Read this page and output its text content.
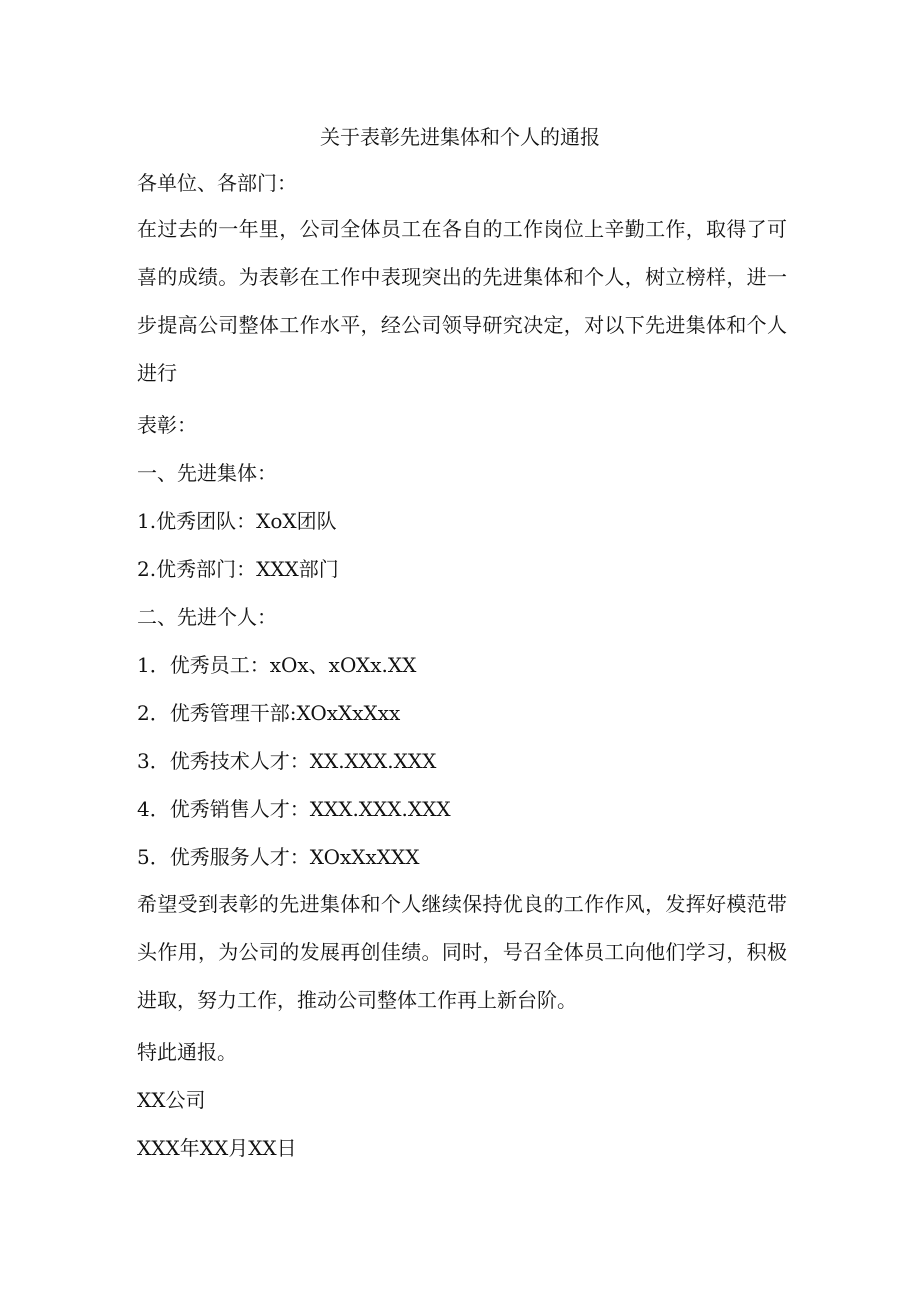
关于表彰先进集体和个人的通报
各单位、各部门：
在过去的一年里，公司全体员工在各自的工作岗位上辛勤工作，取得了可喜的成绩。为表彰在工作中表现突出的先进集体和个人，树立榜样，进一步提高公司整体工作水平，经公司领导研究决定，对以下先进集体和个人进行
表彰：
一、先进集体：
1.优秀团队：XoX团队
2.优秀部门：XXX部门
二、先进个人：
1．优秀员工：xOx、xOXx.XX
2．优秀管理干部:XOxXxXxx
3．优秀技术人才：XX.XXX.XXX
4．优秀销售人才：XXX.XXX.XXX
5．优秀服务人才：XOxXxXXX
希望受到表彰的先进集体和个人继续保持优良的工作作风，发挥好模范带头作用，为公司的发展再创佳绩。同时，号召全体员工向他们学习，积极进取，努力工作，推动公司整体工作再上新台阶。
特此通报。
XX公司
XXX年XX月XX日
